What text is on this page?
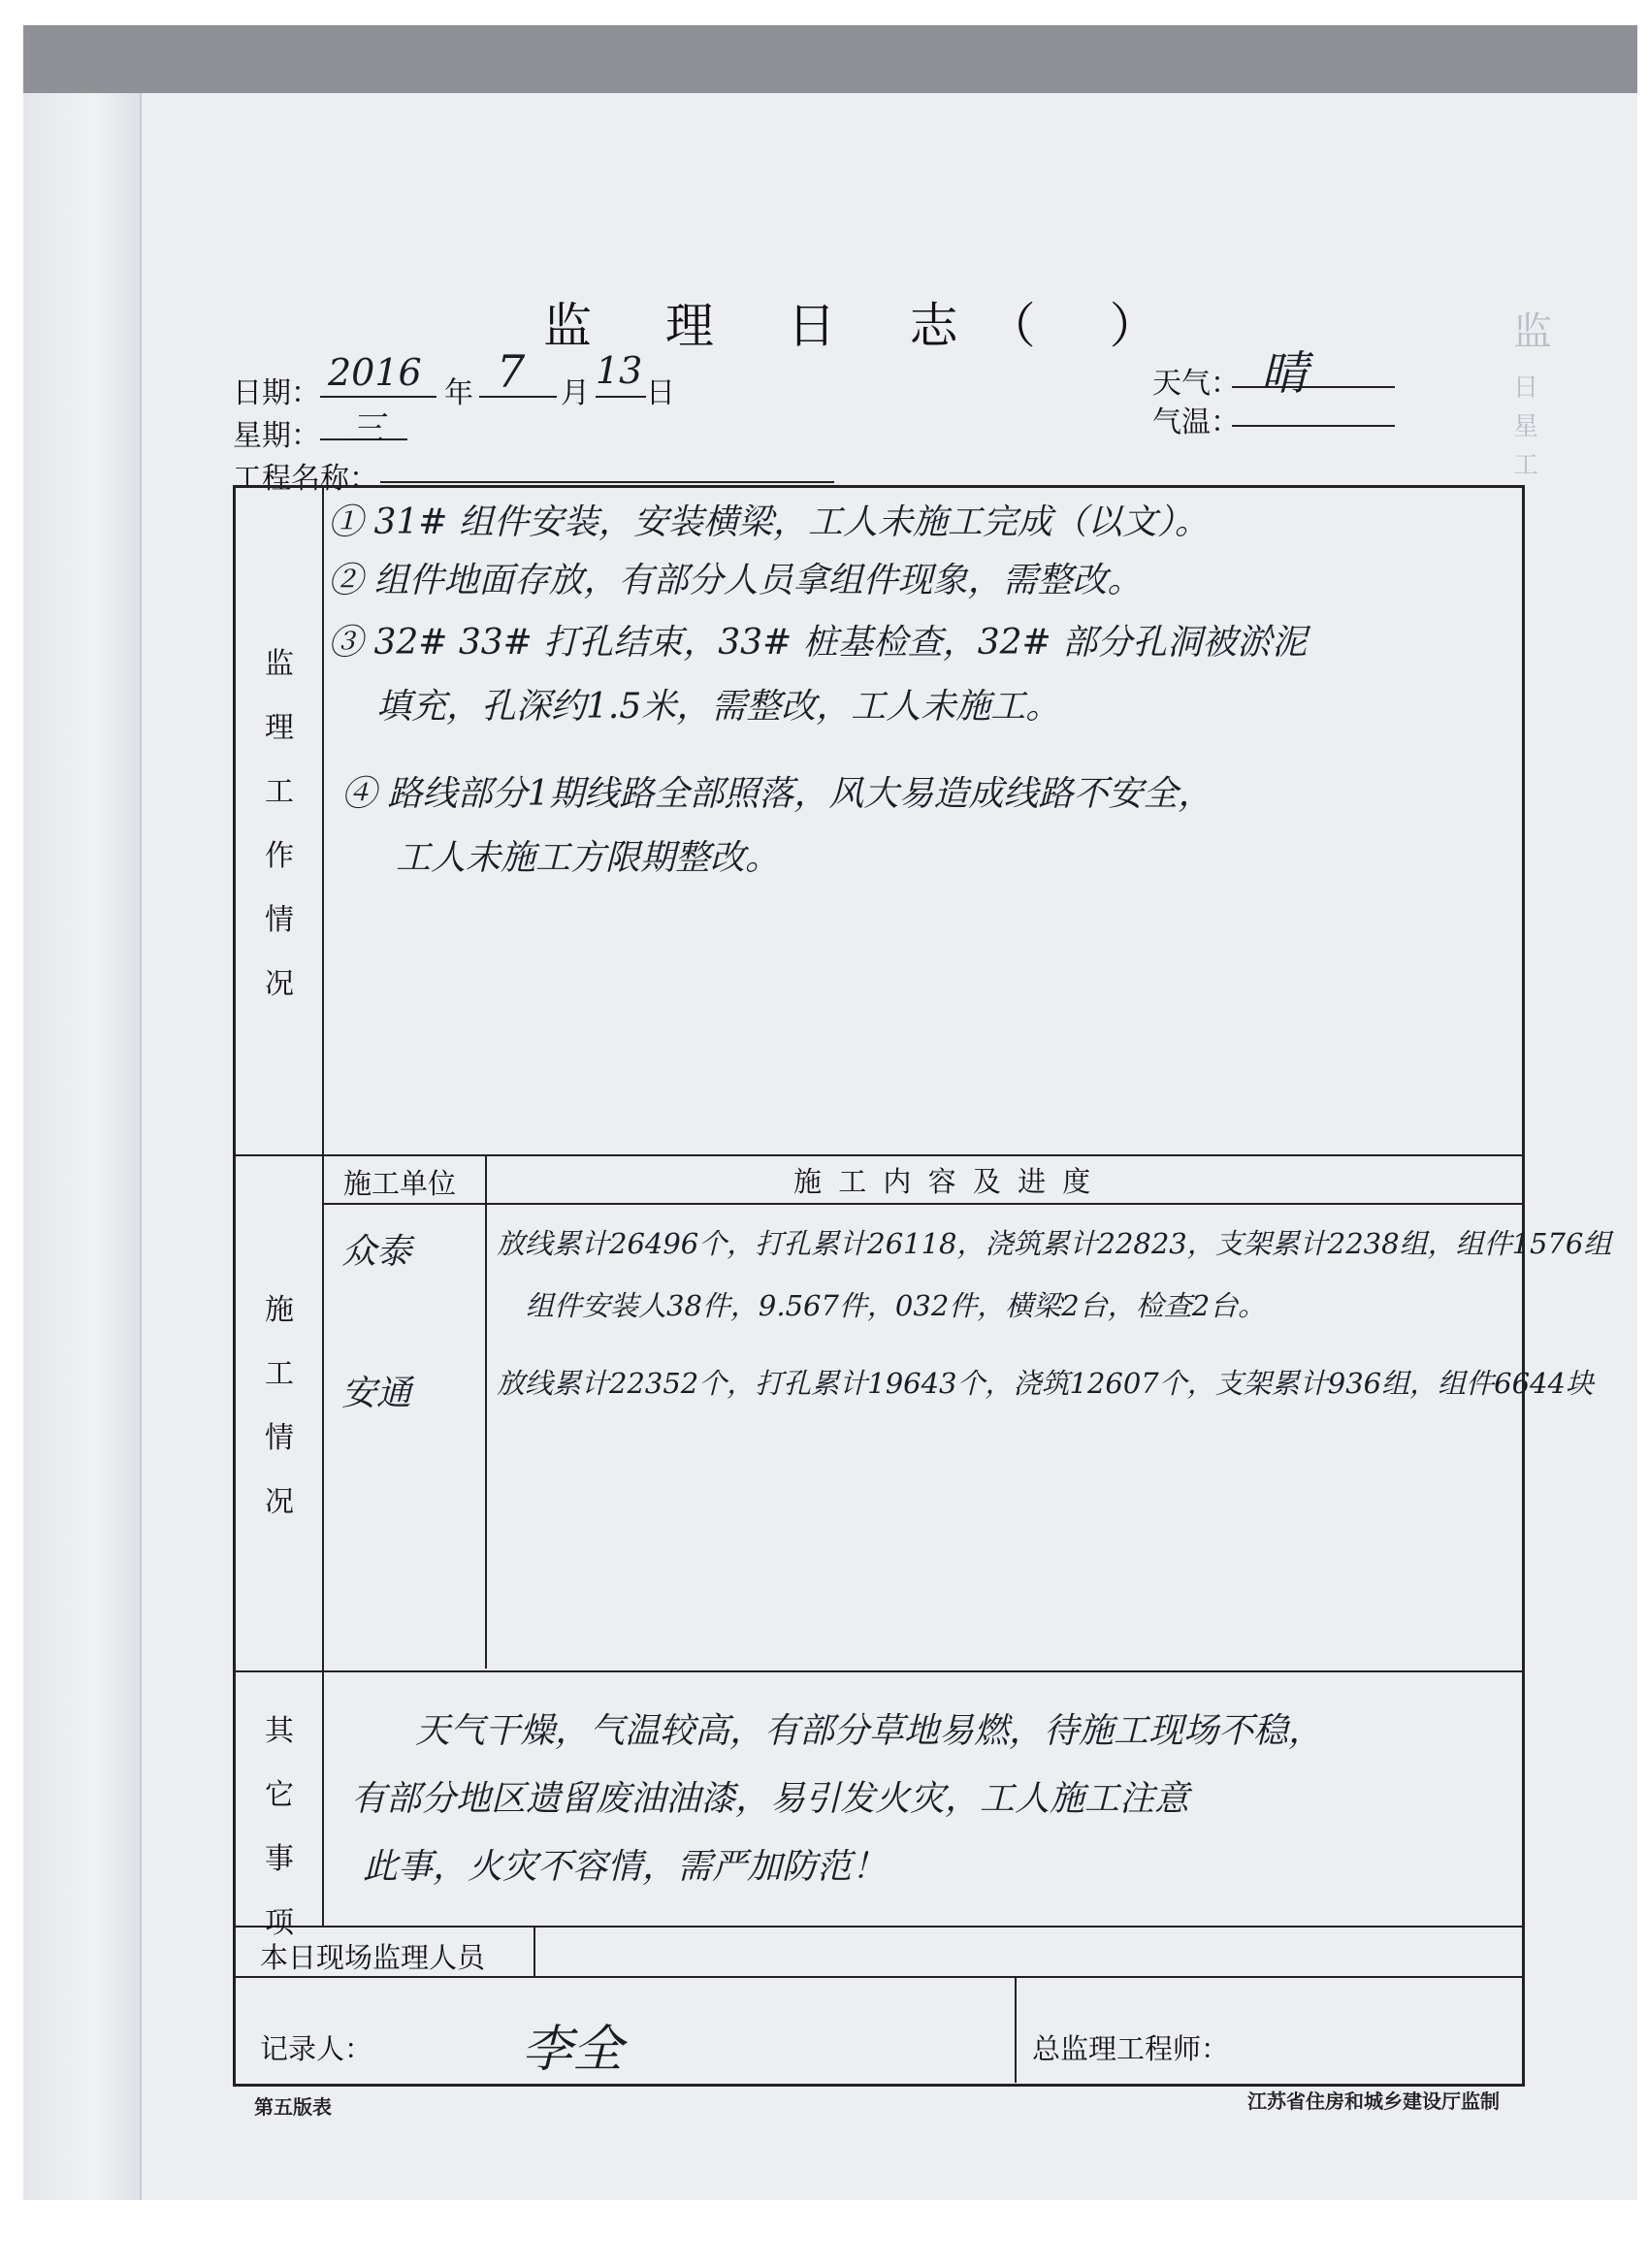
监
日
星
工
监 理 日 志（ ）
日期： 2016 年 7 月
13
日
星期： 三
工程名称：
天气： 晴
气温：
监
理
工
作
情
况
① 31# 组件安装，安装横梁，工人未施工完成（以文）。
② 组件地面存放，有部分人员拿组件现象，需整改。
③ 32# 33# 打孔结束，33# 桩基检查，32# 部分孔洞被淤泥
填充，孔深约1.5米，需整改，工人未施工。
④ 路线部分1期线路全部照落，风大易造成线路不安全，
工人未施工方限期整改。
施
工
情
况
施工单位	施 工 内 容 及 进 度
众泰	放线累计26496个，打孔累计26118，浇筑累计22823，支架累计2238组，组件1576组
组件安装人38件，9.567件，032件，横梁2台，检查2台。
安通	放线累计22352个，打孔累计19643个，浇筑12607个，支架累计936组，组件6644块
其
它
事
项
天气干燥，气温较高，有部分草地易燃，待施工现场不稳，
有部分地区遗留废油油漆，易引发火灾，工人施工注意
此事，火灾不容情，需严加防范！
本日现场监理人员
记录人：	李全	总监理工程师：
第五版表	江苏省住房和城乡建设厅监制
